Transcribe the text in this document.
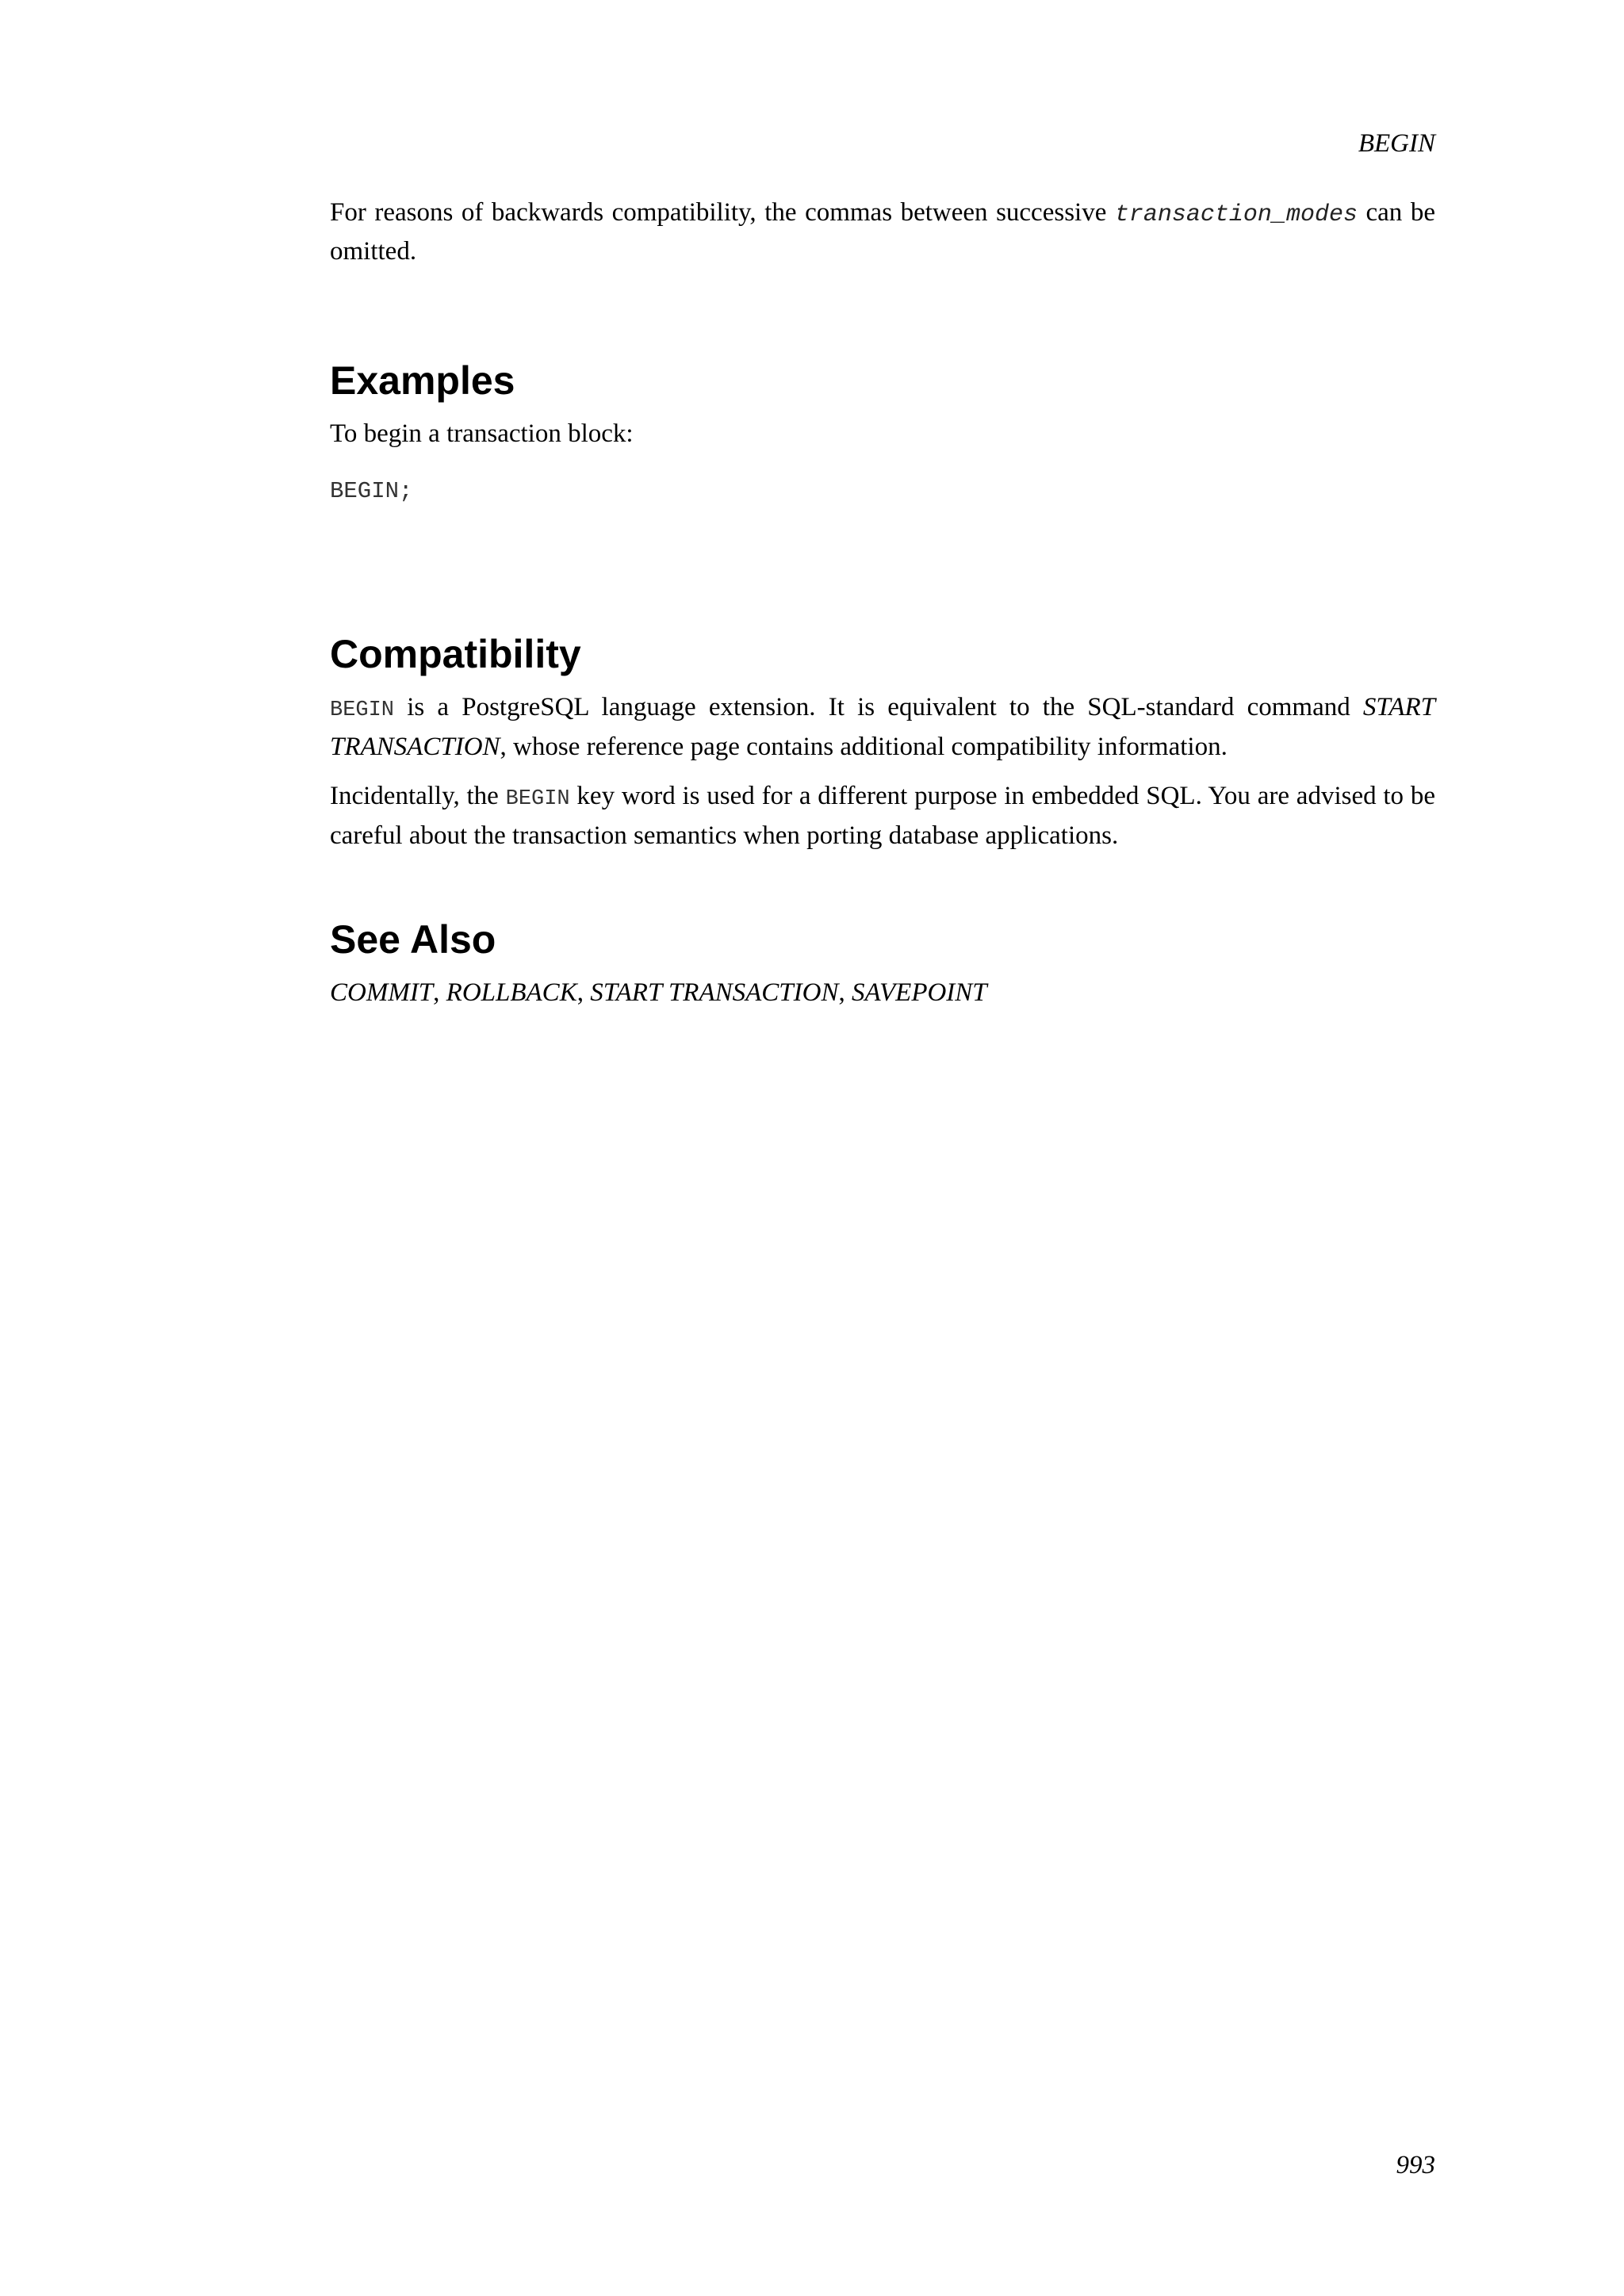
BEGIN

For reasons of backwards compatibility, the commas between successive transaction_modes can be omitted.

Examples

To begin a transaction block:

BEGIN;
Compatibility

BEGIN is a PostgreSQL language extension. It is equivalent to the SQL-standard command START TRANSACTION, whose reference page contains additional compatibility information.

Incidentally, the BEGIN key word is used for a different purpose in embedded SQL. You are advised to be careful about the transaction semantics when porting database applications.

See Also

COMMIT, ROLLBACK, START TRANSACTION, SAVEPOINT

993
